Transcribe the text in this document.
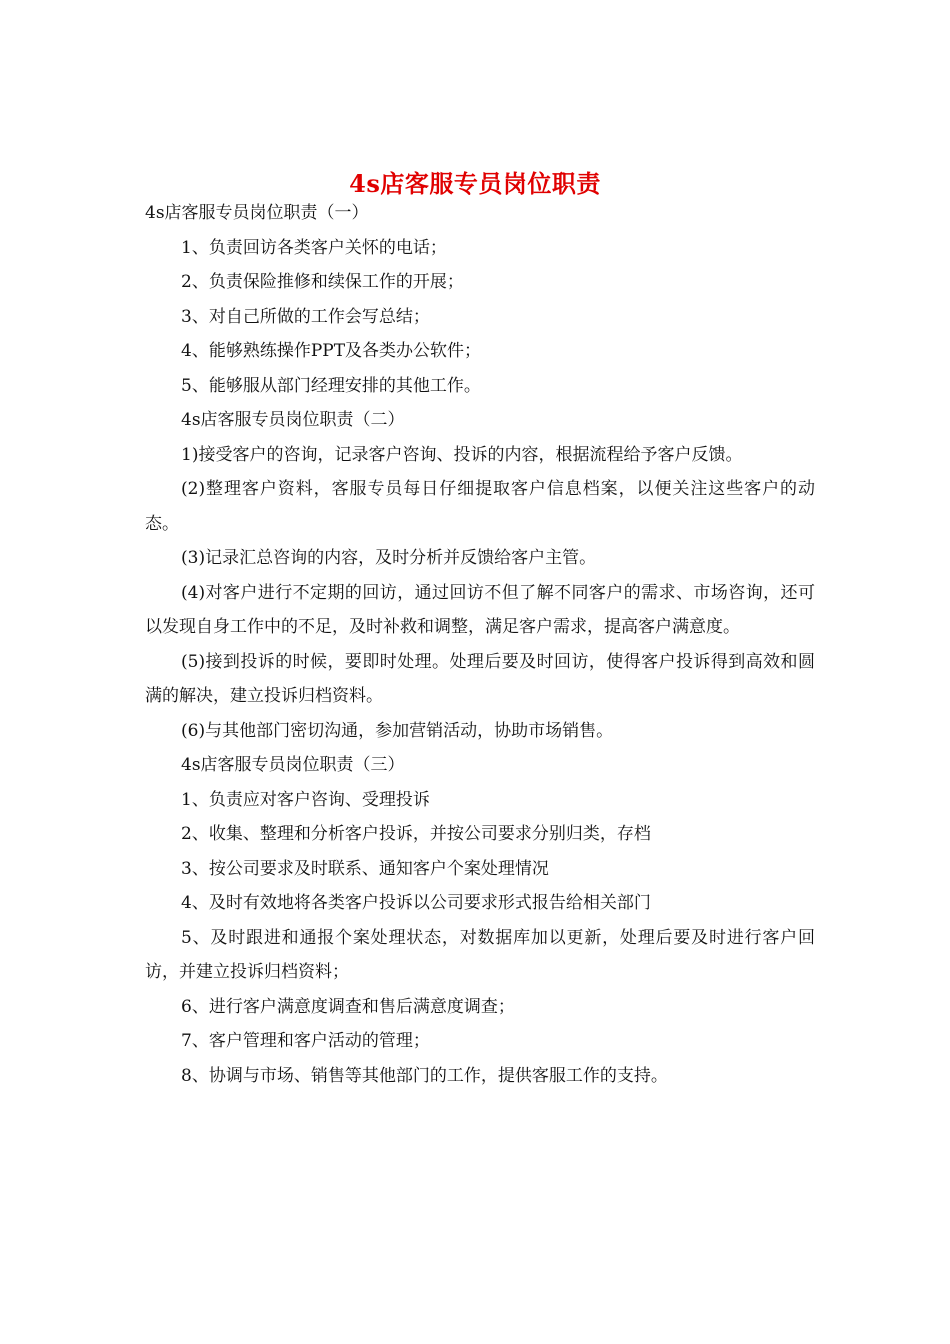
4s店客服专员岗位职责

4s店客服专员岗位职责（一）

1、负责回访各类客户关怀的电话；

2、负责保险推修和续保工作的开展；

3、对自己所做的工作会写总结；

4、能够熟练操作PPT及各类办公软件；

5、能够服从部门经理安排的其他工作。

4s店客服专员岗位职责（二）

1)接受客户的咨询，记录客户咨询、投诉的内容，根据流程给予客户反馈。

(2)整理客户资料，客服专员每日仔细提取客户信息档案，以便关注这些客户的动态。

(3)记录汇总咨询的内容，及时分析并反馈给客户主管。

(4)对客户进行不定期的回访，通过回访不但了解不同客户的需求、市场咨询，还可以发现自身工作中的不足，及时补救和调整，满足客户需求，提高客户满意度。

(5)接到投诉的时候，要即时处理。处理后要及时回访，使得客户投诉得到高效和圆满的解决，建立投诉归档资料。

(6)与其他部门密切沟通，参加营销活动，协助市场销售。

4s店客服专员岗位职责（三）

1、负责应对客户咨询、受理投诉

2、收集、整理和分析客户投诉，并按公司要求分别归类，存档

3、按公司要求及时联系、通知客户个案处理情况

4、及时有效地将各类客户投诉以公司要求形式报告给相关部门

5、及时跟进和通报个案处理状态，对数据库加以更新，处理后要及时进行客户回访，并建立投诉归档资料；

6、进行客户满意度调查和售后满意度调查；

7、客户管理和客户活动的管理；

8、协调与市场、销售等其他部门的工作，提供客服工作的支持。
